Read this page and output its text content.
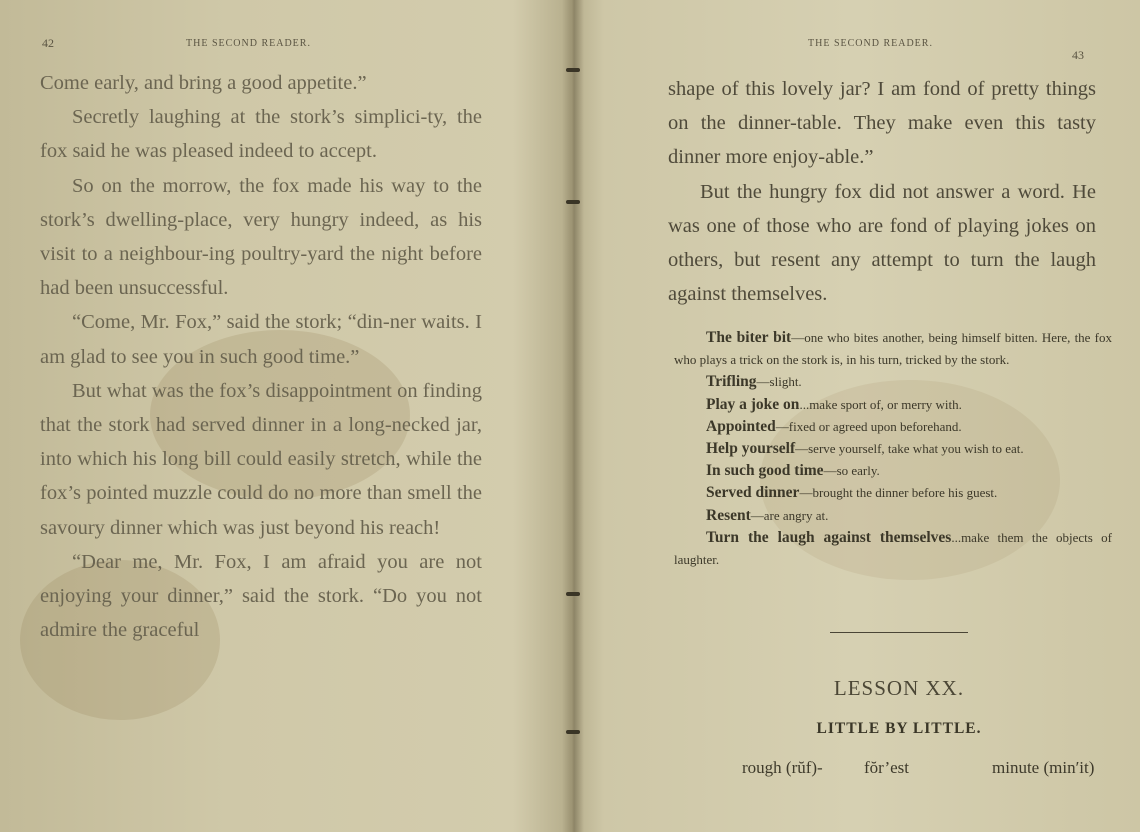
42	THE SECOND READER.

Come early, and bring a good appetite.”

Secretly laughing at the stork’s simplici-ty, the fox said he was pleased indeed to accept.

So on the morrow, the fox made his way to the stork’s dwelling-place, very hungry indeed, as his visit to a neighbour-ing poultry-yard the night before had been unsuccessful.

“Come, Mr. Fox,” said the stork; “din-ner waits. I am glad to see you in such good time.”

But what was the fox’s disappointment on finding that the stork had served dinner in a long-necked jar, into which his long bill could easily stretch, while the fox’s pointed muzzle could do no more than smell the savoury dinner which was just beyond his reach!

“Dear me, Mr. Fox, I am afraid you are not enjoying your dinner,” said the stork. “Do you not admire the graceful

THE SECOND READER.
43

shape of this lovely jar? I am fond of pretty things on the dinner-table. They make even this tasty dinner more enjoy-able.”

But the hungry fox did not answer a word. He was one of those who are fond of playing jokes on others, but resent any attempt to turn the laugh against themselves.

The biter bit—one who bites another, being himself bitten. Here, the fox who plays a trick on the stork is, in his turn, tricked by the stork.

Trifling—slight.

Play a joke on...make sport of, or merry with.

Appointed—fixed or agreed upon beforehand.

Help yourself—serve yourself, take what you wish to eat.

In such good time—so early.

Served dinner—brought the dinner before his guest.

Resent—are angry at.

Turn the laugh against themselves...make them the objects of laughter.

LESSON XX.
LITTLE BY LITTLE.
rough (rŭf)- fŏr’est	minute (min′it)
